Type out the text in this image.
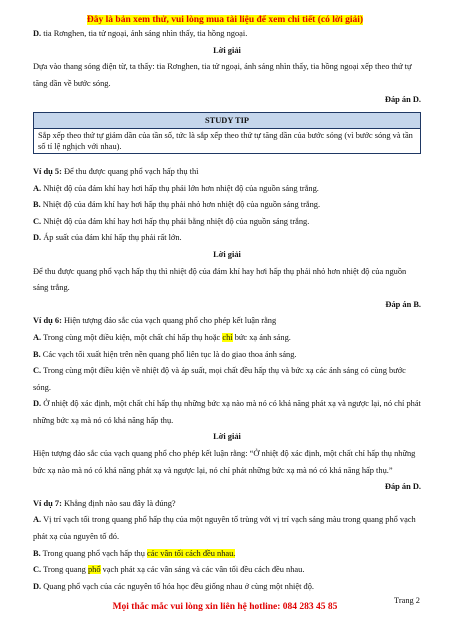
Đây là bản xem thử, vui lòng mua tài liệu để xem chi tiết (có lời giải)

D. tia Rơnghen, tia tử ngoại, ánh sáng nhìn thấy, tia hồng ngoại.

Lời giải

Dựa vào thang sóng điện từ, ta thấy: tia Rơnghen, tia tử ngoại, ánh sáng nhìn thấy, tia hồng ngoại xếp theo thứ tự tăng dần về bước sóng.

Đáp án D.

STUDY TIP
Sắp xếp theo thứ tự giảm dần của tần số, tức là sắp xếp theo thứ tự tăng dần của bước sóng (vì bước sóng và tần số tỉ lệ nghịch với nhau).

Ví dụ 5: Để thu được quang phổ vạch hấp thụ thì

A. Nhiệt độ của đám khí hay hơi hấp thụ phải lớn hơn nhiệt độ của nguồn sáng trắng.

B. Nhiệt độ của đám khí hay hơi hấp thụ phải nhỏ hơn nhiệt độ của nguồn sáng trắng.

C. Nhiệt độ của đám khí hay hơi hấp thụ phải bằng nhiệt độ của nguồn sáng trắng.

D. Áp suất của đám khí hấp thụ phải rất lớn.

Lời giải

Để thu được quang phổ vạch hấp thụ thì nhiệt độ của đám khí hay hơi hấp thụ phải nhỏ hơn nhiệt độ của nguồn sáng trắng.

Đáp án B.

Ví dụ 6: Hiện tượng đảo sắc của vạch quang phổ cho phép kết luận rằng

A. Trong cùng một điều kiện, một chất chỉ hấp thụ hoặc chỉ bức xạ ánh sáng.

B. Các vạch tối xuất hiện trên nền quang phổ liên tục là do giao thoa ánh sáng.

C. Trong cùng một điều kiện về nhiệt độ và áp suất, mọi chất đều hấp thụ và bức xạ các ánh sáng có cùng bước sóng.

D. Ở nhiệt độ xác định, một chất chỉ hấp thụ những bức xạ nào mà nó có khả năng phát xạ và ngược lại, nó chỉ phát những bức xạ mà nó có khả năng hấp thụ.

Lời giải

Hiện tượng đảo sắc của vạch quang phổ cho phép kết luận rằng: “Ở nhiệt độ xác định, một chất chỉ hấp thụ những bức xạ nào mà nó có khả năng phát xạ và ngược lại, nó chỉ phát những bức xạ mà nó có khả năng hấp thụ.”

Đáp án D.

Ví dụ 7: Khẳng định nào sau đây là đúng?

A. Vị trí vạch tối trong quang phổ hấp thụ của một nguyên tố trùng với vị trí vạch sáng màu trong quang phổ vạch phát xạ của nguyên tố đó.

B. Trong quang phổ vạch hấp thụ các vân tối cách đều nhau.

C. Trong quang phổ vạch phát xạ các vân sáng và các vân tối đều cách đều nhau.

D. Quang phổ vạch của các nguyên tố hóa học đều giống nhau ở cùng một nhiệt độ.

Trang 2
Mọi thắc mắc vui lòng xin liên hệ hotline: 084 283 45 85
